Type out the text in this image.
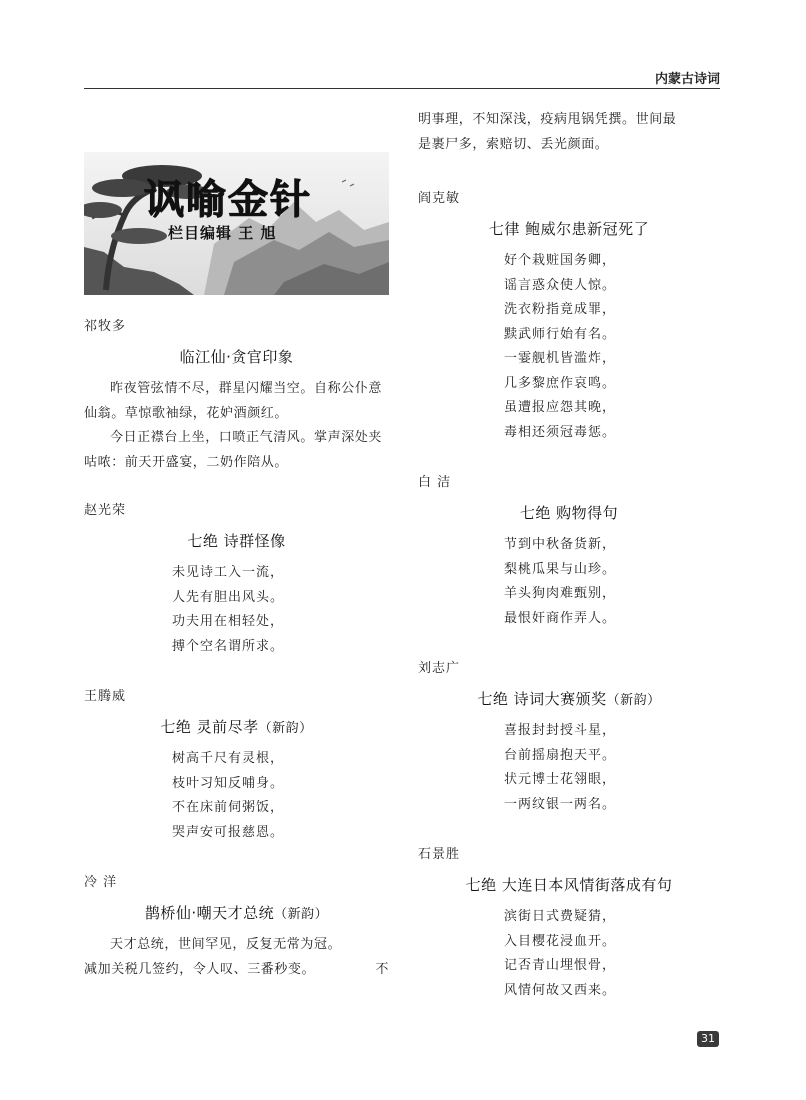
内蒙古诗词
讽喻金针
栏目编辑 王 旭
祁牧多
临江仙·贪官印象

昨夜管弦情不尽，群星闪耀当空。自称公仆意仙翁。草惊歌袖绿，花妒酒颜红。

今日正襟台上坐，口喷正气清风。掌声深处夹咕哝：前天开盛宴，二奶作陪从。

赵光荣
七绝 诗群怪像
未见诗工入一流，
人先有胆出风头。
功夫用在相轻处，
搏个空名谓所求。
王腾威
七绝 灵前尽孝（新韵）
树高千尺有灵根，
枝叶习知反哺身。
不在床前伺粥饭，
哭声安可报慈恩。
冷 洋
鹊桥仙·嘲天才总统（新韵）

天才总统，世间罕见，反复无常为冠。

减加关税几签约，令人叹、三番秒变。	不
明事理，不知深浅，疫病甩锅凭撰。世间最
是裹尸多，索赔切、丢光颜面。
阎克敏
七律 鲍威尔患新冠死了
好个栽赃国务卿，
谣言惑众使人惊。
洗衣粉指竟成罪，
黩武师行始有名。
一霎舰机皆滥炸，
几多黎庶作哀鸣。
虽遭报应怨其晚，
毒相还须冠毒惩。
白 洁
七绝 购物得句
节到中秋备货新，
梨桃瓜果与山珍。
羊头狗肉难甄别，
最恨奸商作弄人。
刘志广
七绝 诗词大赛颁奖（新韵）
喜报封封授斗星，
台前摇扇抱天平。
状元博士花翎眼，
一两纹银一两名。
石景胜
七绝 大连日本风情街落成有句
滨街日式费疑猜，
入目樱花浸血开。
记否青山埋恨骨，
风情何故又西来。
31
